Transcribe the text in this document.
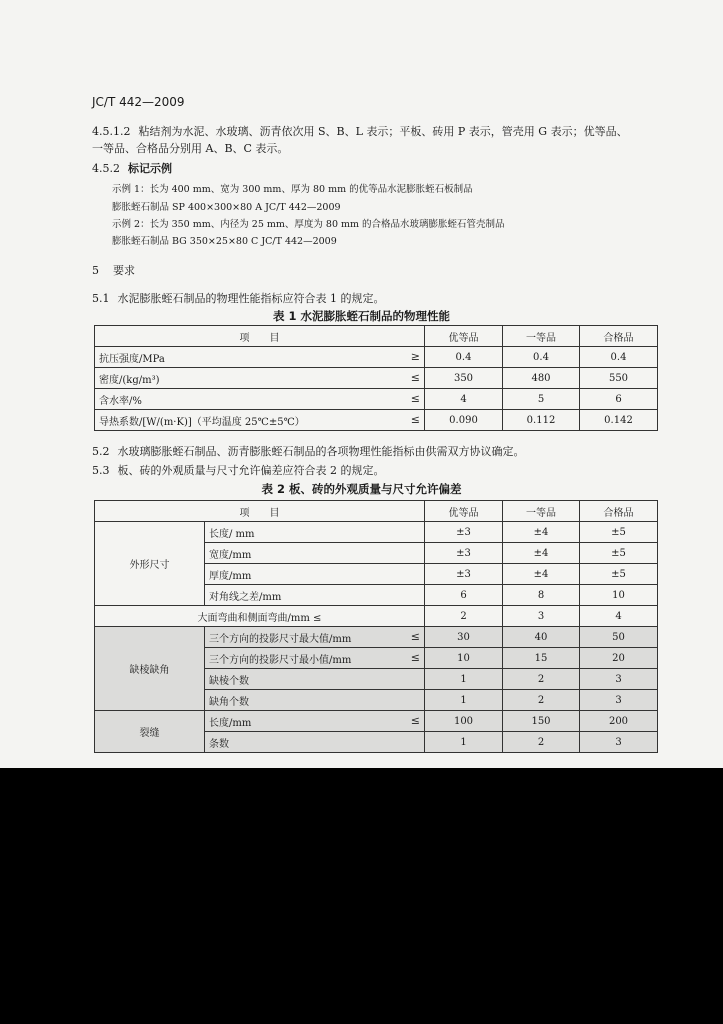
JC/T 442—2009
4.5.1.2 粘结剂为水泥、水玻璃、沥青依次用 S、B、L 表示；平板、砖用 P 表示，管壳用 G 表示；优等品、
一等品、合格品分别用 A、B、C 表示。
4.5.2 标记示例
示例 1：长为 400 mm、宽为 300 mm、厚为 80 mm 的优等品水泥膨胀蛭石板制品
膨胀蛭石制品 SP 400×300×80 A JC/T 442—2009
示例 2：长为 350 mm、内径为 25 mm、厚度为 80 mm 的合格品水玻璃膨胀蛭石管壳制品
膨胀蛭石制品 BG 350×25×80 C JC/T 442—2009
5 要求
5.1 水泥膨胀蛭石制品的物理性能指标应符合表 1 的规定。
表 1 水泥膨胀蛭石制品的物理性能
项　　目	优等品	一等品	合格品
抗压强度/MPa ≥	0.4	0.4	0.4
密度/(kg/m³) ≤	350	480	550
含水率/% ≤	4	5	6
导热系数/[W/(m·K)]（平均温度 25℃±5℃） ≤	0.090	0.112	0.142
5.2 水玻璃膨胀蛭石制品、沥青膨胀蛭石制品的各项物理性能指标由供需双方协议确定。
5.3 板、砖的外观质量与尺寸允许偏差应符合表 2 的规定。
表 2 板、砖的外观质量与尺寸允许偏差
项　　目		优等品	一等品	合格品
外形尺寸	长度/ mm	±3	±4	±5
	宽度/mm	±3	±4	±5
	厚度/mm	±3	±4	±5
	对角线之差/mm	6	8	10
大面弯曲和侧面弯曲/mm ≤		2	3	4
缺棱缺角	三个方向的投影尺寸最大值/mm ≤	30	40	50
	三个方向的投影尺寸最小值/mm ≤	10	15	20
	缺棱个数	1	2	3
	缺角个数	1	2	3
裂缝	长度/mm ≤	100	150	200
	条数	1	2	3
